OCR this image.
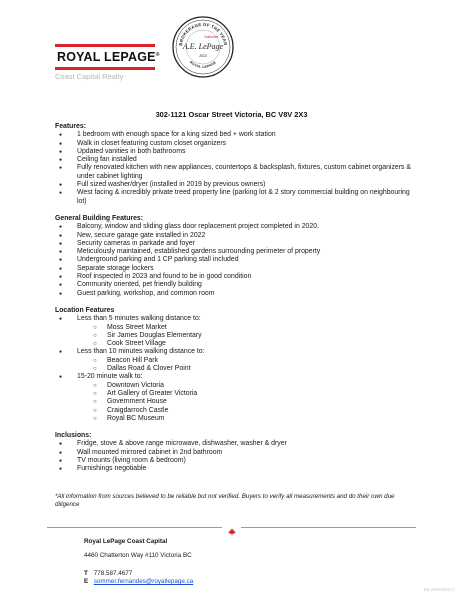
ROYAL LEPAGE®
Coast Capital Realty
BROKERAGE OF THE YEAR
ROYAL LEPAGE
A.E. LePage
National
2022
302-1121 Oscar Street Victoria, BC V8V 2X3
Features:
● 1 bedroom with enough space for a king sized bed + work station
● Walk in closet featuring custom closet organizers
● Updated vanities in both bathrooms
● Ceiling fan installed
● Fully renovated kitchen with new appliances, countertops & backsplash, fixtures, custom cabinet organizers & under cabinet lighting
● Full sized washer/dryer (installed in 2019 by previous owners)
● West facing & incredibly private treed property line (parking lot & 2 story commercial building on neighbouring lot)
General Building Features:
● Balcony, window and sliding glass door replacement project completed in 2020.
● New, secure garage gate installed in 2022
● Security cameras in parkade and foyer
● Meticulously maintained, established gardens surrounding perimeter of property
● Underground parking and 1 CP parking stall included
● Separate storage lockers
● Roof inspected in 2023 and found to be in good condition
● Community oriented, pet friendly building
● Guest parking, workshop, and common room
Location Features
● Less than 5 minutes walking distance to:
○ Moss Street Market
○ Sir James Douglas Elementary
○ Cook Street Village
● Less than 10 minutes walking distance to:
○ Beacon Hill Park
○ Dallas Road & Clover Point
● 15-20 minute walk to:
○ Downtown Victoria
○ Art Gallery of Greater Victoria
○ Government House
○ Craigdarroch Castle
○ Royal BC Museum
Inclusions:
● Fridge, stove & above range microwave, dishwasher, washer & dryer
● Wall mounted mirrored cabinet in 2nd bathroom
● TV mounts (living room & bedroom)
● Furnishings negotiable
*All information from sources believed to be reliable but not verified. Buyers to verify all measurements and do their own due diligence
Royal LePage Coast Capital
4460 Chatterton Way #110 Victoria BC
T 778.587.4677
E sommer.fernandes@royallepage.ca
MLS#0000417
